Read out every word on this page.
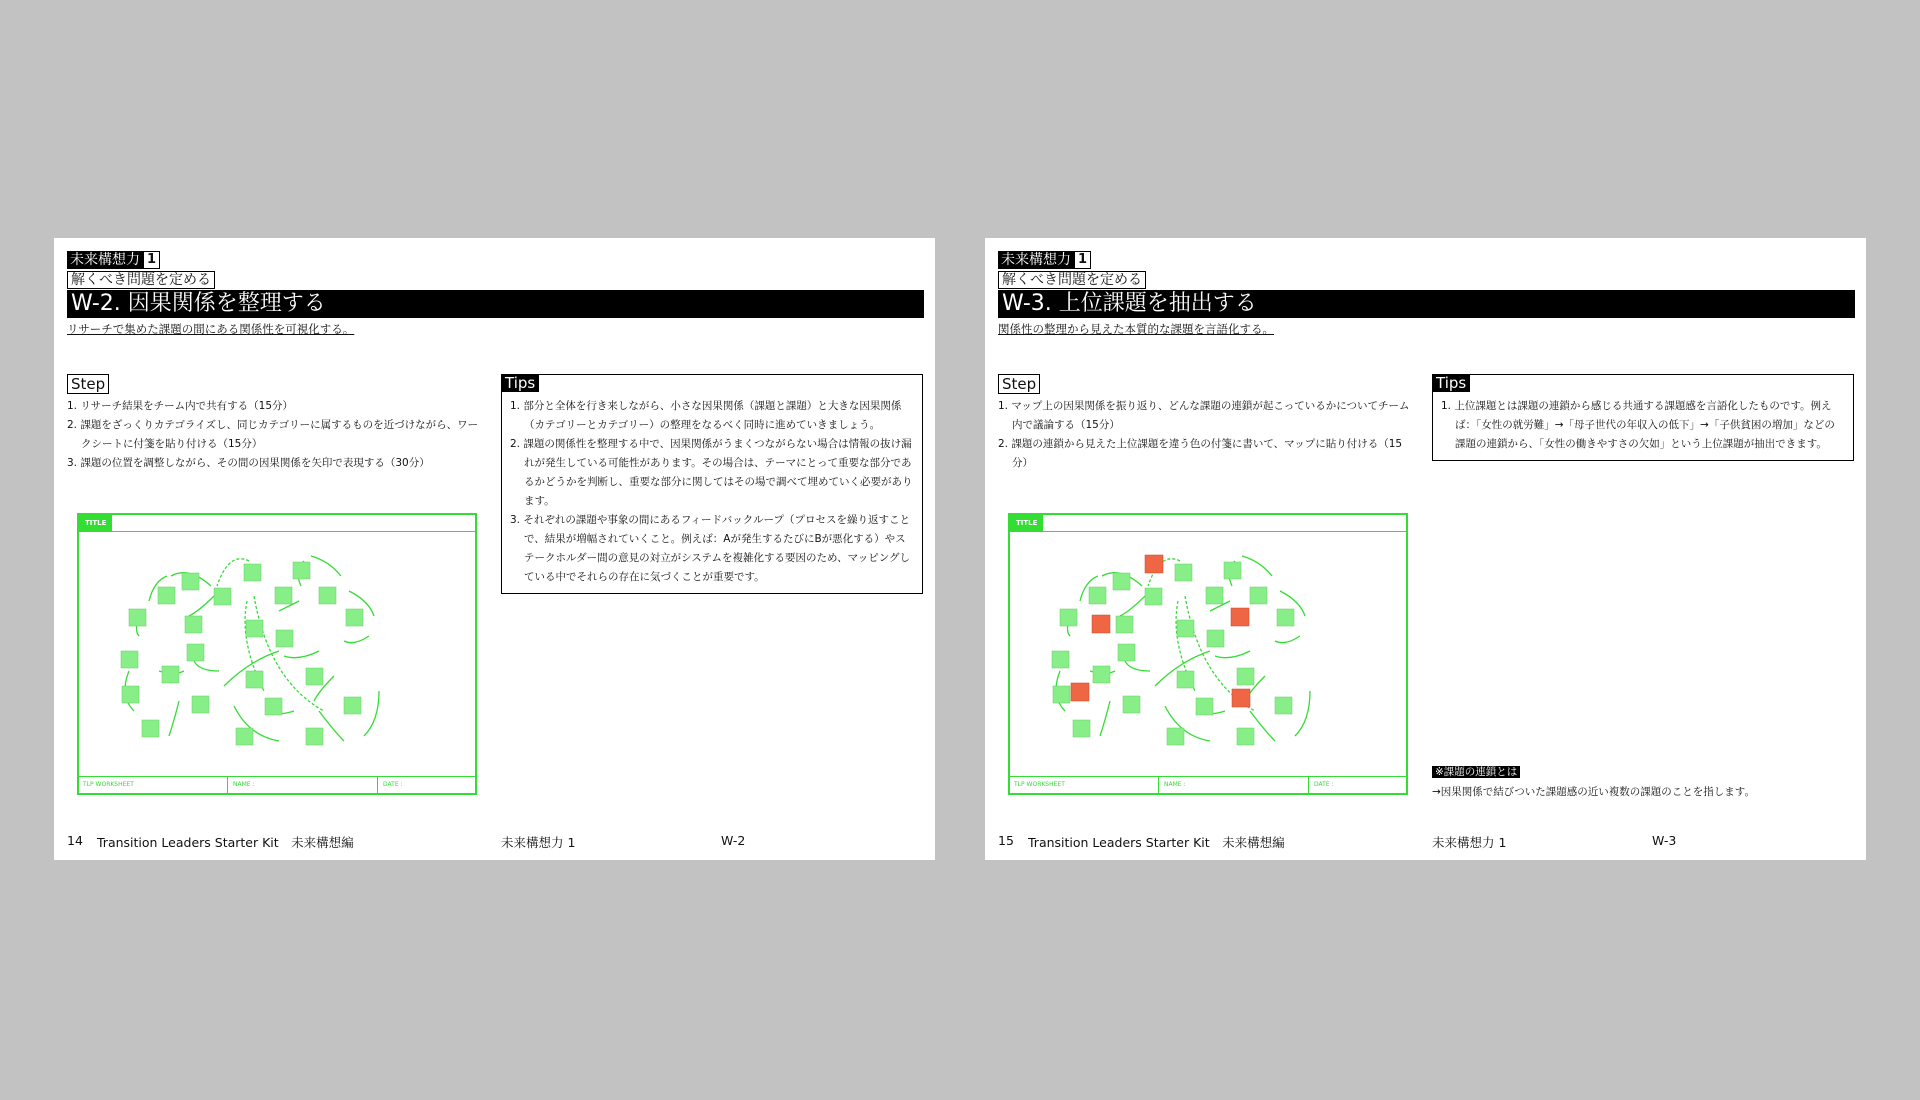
未来構想力 1
解くべき問題を定める
W-2. 因果関係を整理する
リサーチで集めた課題の間にある関係性を可視化する。
Step
1. リサーチ結果をチーム内で共有する（15分）
2. 課題をざっくりカテゴライズし、同じカテゴリーに属するものを近づけながら、ワークシートに付箋を貼り付ける（15分）
3. 課題の位置を調整しながら、その間の因果関係を矢印で表現する（30分）
Tips
1. 部分と全体を行き来しながら、小さな因果関係（課題と課題）と大きな因果関係（カテゴリーとカテゴリー）の整理をなるべく同時に進めていきましょう。
2. 課題の関係性を整理する中で、因果関係がうまくつながらない場合は情報の抜け漏れが発生している可能性があります。その場合は、テーマにとって重要な部分であるかどうかを判断し、重要な部分に関してはその場で調べて埋めていく必要があります。
3. それぞれの課題や事象の間にあるフィードバックループ（プロセスを繰り返すことで、結果が増幅されていくこと。例えば：Aが発生するたびにBが悪化する）やステークホルダー間の意見の対立がシステムを複雑化する要因のため、マッピングしている中でそれらの存在に気づくことが重要です。
TITLE
TLP WORKSHEET	NAME :	DATE :
14 Transition Leaders Starter Kit　未来構想編	未来構想力 1	W-2
未来構想力 1
解くべき問題を定める
W-3. 上位課題を抽出する
関係性の整理から見えた本質的な課題を言語化する。
Step
1. マップ上の因果関係を振り返り、どんな課題の連鎖が起こっているかについてチーム内で議論する（15分）
2. 課題の連鎖から見えた上位課題を違う色の付箋に書いて、マップに貼り付ける（15分）
Tips
1. 上位課題とは課題の連鎖から感じる共通する課題感を言語化したものです。例えば：「女性の就労難」→「母子世代の年収入の低下」→「子供貧困の増加」などの課題の連鎖から、「女性の働きやすさの欠如」という上位課題が抽出できます。
TITLE
TLP WORKSHEET	NAME :	DATE :
※課題の連鎖とは
→因果関係で結びついた課題感の近い複数の課題のことを指します。
15 Transition Leaders Starter Kit　未来構想編	未来構想力 1	W-3
